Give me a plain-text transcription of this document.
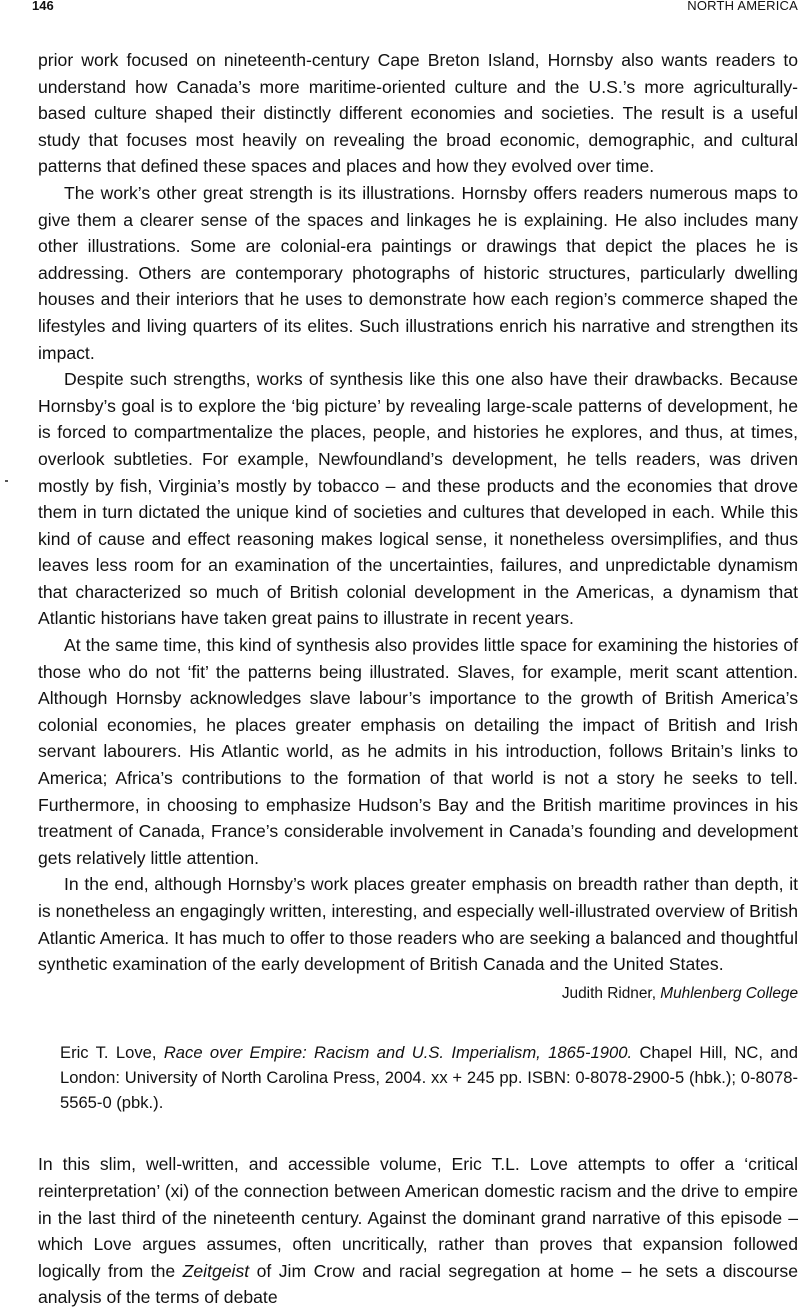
146	NORTH AMERICA

prior work focused on nineteenth-century Cape Breton Island, Hornsby also wants readers to understand how Canada’s more maritime-oriented culture and the U.S.’s more agriculturally-based culture shaped their distinctly different economies and societies. The result is a useful study that focuses most heavily on revealing the broad economic, demographic, and cultural patterns that defined these spaces and places and how they evolved over time.

The work’s other great strength is its illustrations. Hornsby offers readers numerous maps to give them a clearer sense of the spaces and linkages he is explaining. He also includes many other illustrations. Some are colonial-era paintings or drawings that depict the places he is addressing. Others are contemporary photographs of historic structures, particularly dwelling houses and their interiors that he uses to demonstrate how each region’s commerce shaped the lifestyles and living quarters of its elites. Such illustrations enrich his narrative and strengthen its impact.

Despite such strengths, works of synthesis like this one also have their drawbacks. Because Hornsby’s goal is to explore the ‘big picture’ by revealing large-scale patterns of development, he is forced to compartmentalize the places, people, and histories he explores, and thus, at times, overlook subtleties. For example, Newfoundland’s development, he tells readers, was driven mostly by fish, Virginia’s mostly by tobacco – and these products and the economies that drove them in turn dictated the unique kind of societies and cultures that developed in each. While this kind of cause and effect reasoning makes logical sense, it nonetheless oversimplifies, and thus leaves less room for an examination of the uncertainties, failures, and unpredictable dynamism that characterized so much of British colonial development in the Americas, a dynamism that Atlantic historians have taken great pains to illustrate in recent years.

At the same time, this kind of synthesis also provides little space for examining the histories of those who do not ‘fit’ the patterns being illustrated. Slaves, for example, merit scant attention. Although Hornsby acknowledges slave labour’s importance to the growth of British America’s colonial economies, he places greater emphasis on detailing the impact of British and Irish servant labourers. His Atlantic world, as he admits in his introduction, follows Britain’s links to America; Africa’s contributions to the formation of that world is not a story he seeks to tell. Furthermore, in choosing to emphasize Hudson’s Bay and the British maritime provinces in his treatment of Canada, France’s considerable involvement in Canada’s founding and development gets relatively little attention.

In the end, although Hornsby’s work places greater emphasis on breadth rather than depth, it is nonetheless an engagingly written, interesting, and especially well-illustrated overview of British Atlantic America. It has much to offer to those readers who are seeking a balanced and thoughtful synthetic examination of the early development of British Canada and the United States.

Judith Ridner, Muhlenberg College
Eric T. Love, Race over Empire: Racism and U.S. Imperialism, 1865-1900. Chapel Hill, NC, and London: University of North Carolina Press, 2004. xx + 245 pp. ISBN: 0-8078-2900-5 (hbk.); 0-8078-5565-0 (pbk.).

In this slim, well-written, and accessible volume, Eric T.L. Love attempts to offer a ‘critical reinterpretation’ (xi) of the connection between American domestic racism and the drive to empire in the last third of the nineteenth century. Against the dominant grand narrative of this episode – which Love argues assumes, often uncritically, rather than proves that expansion followed logically from the Zeitgeist of Jim Crow and racial segregation at home – he sets a discourse analysis of the terms of debate
